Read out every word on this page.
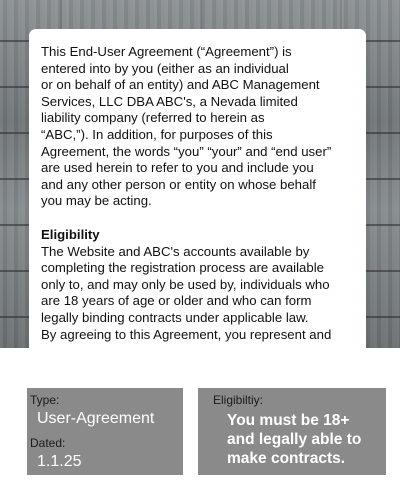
This End-User Agreement (“Agreement”) is
entered into by you (either as an individual
or on behalf of an entity) and ABC Management
Services, LLC DBA ABC's, a Nevada limited
liability company (referred to herein as
“ABC,”). In addition, for purposes of this
Agreement, the words “you” “your” and “end user”
are used herein to refer to you and include you
and any other person or entity on whose behalf
you may be acting.

Eligibility

The Website and ABC's accounts available by
completing the registration process are available
only to, and may only be used by, individuals who
are 18 years of age or older and who can form
legally binding contracts under applicable law.
By agreeing to this Agreement, you represent and

Type:
User-Agreement
Dated:
1.1.25
Eligibiltiy:
You must be 18+
and legally able to
make contracts.
